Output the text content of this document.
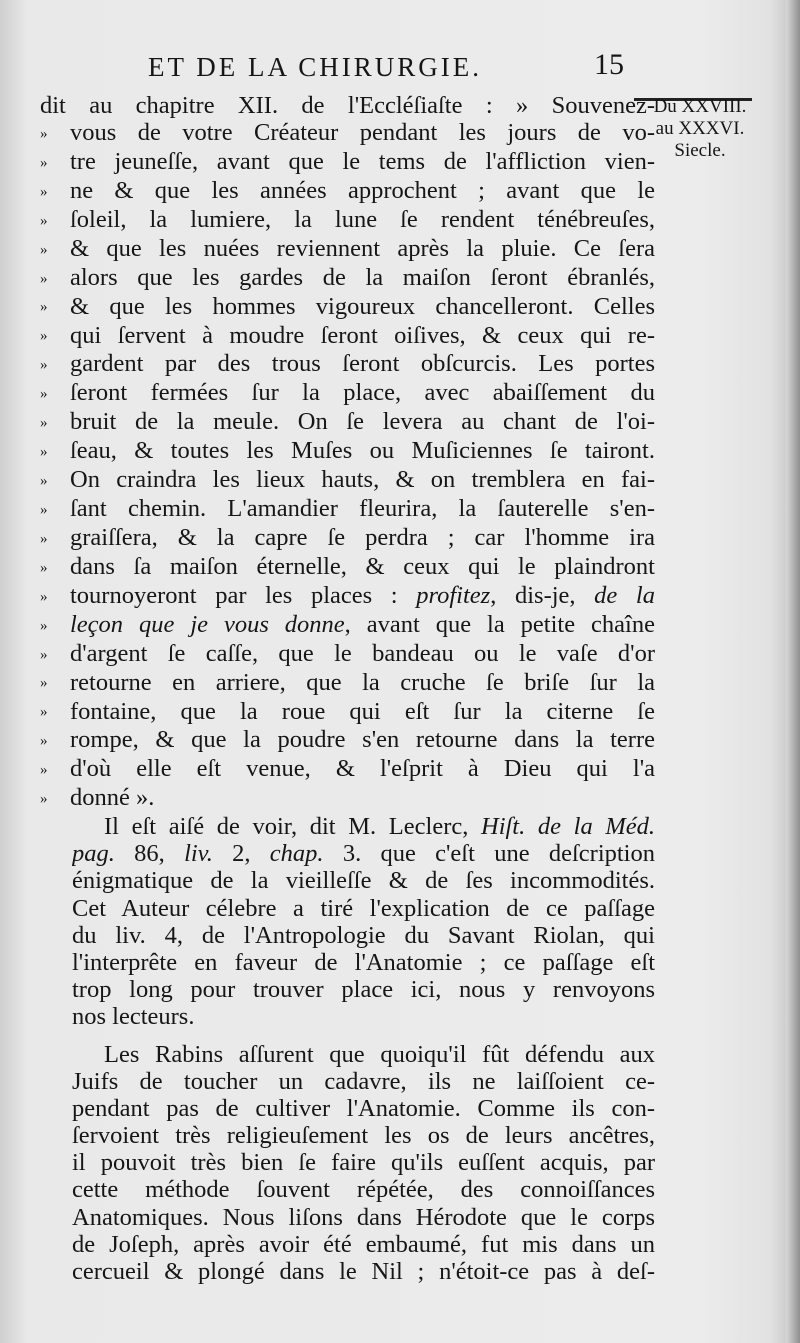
ET DE LA CHIRURGIE.	15
Du XXVIII.
au XXXVI.
Siecle.
dit au chapitre XII. de l'Eccléſiaſte : » Souvenez-
» vous de votre Créateur pendant les jours de vo-
» tre jeuneſſe, avant que le tems de l'affliction vien-
» ne & que les années approchent ; avant que le
» ſoleil, la lumiere, la lune ſe rendent ténébreuſes,
» & que les nuées reviennent après la pluie. Ce ſera
» alors que les gardes de la maiſon ſeront ébranlés,
» & que les hommes vigoureux chancelleront. Celles
» qui ſervent à moudre ſeront oiſives, & ceux qui re-
» gardent par des trous ſeront obſcurcis. Les portes
» ſeront fermées ſur la place, avec abaiſſement du
» bruit de la meule. On ſe levera au chant de l'oi-
» ſeau, & toutes les Muſes ou Muſiciennes ſe tairont.
» On craindra les lieux hauts, & on tremblera en fai-
» ſant chemin. L'amandier fleurira, la ſauterelle s'en-
» graiſſera, & la capre ſe perdra ; car l'homme ira
» dans ſa maiſon éternelle, & ceux qui le plaindront
» tournoyeront par les places : profitez, dis-je, de la
» leçon que je vous donne, avant que la petite chaîne
» d'argent ſe caſſe, que le bandeau ou le vaſe d'or
» retourne en arriere, que la cruche ſe briſe ſur la
» fontaine, que la roue qui eſt ſur la citerne ſe
» rompe, & que la poudre s'en retourne dans la terre
» d'où elle eſt venue, & l'eſprit à Dieu qui l'a
» donné ».
Il eſt aiſé de voir, dit M. Leclerc, Hiſt. de la Méd.
pag. 86, liv. 2, chap. 3. que c'eſt une deſcription
énigmatique de la vieilleſſe & de ſes incommodités.
Cet Auteur célebre a tiré l'explication de ce paſſage
du liv. 4, de l'Antropologie du Savant Riolan, qui
l'interprête en faveur de l'Anatomie ; ce paſſage eſt
trop long pour trouver place ici, nous y renvoyons
nos lecteurs.
Les Rabins aſſurent que quoiqu'il fût défendu aux
Juifs de toucher un cadavre, ils ne laiſſoient ce-
pendant pas de cultiver l'Anatomie. Comme ils con-
ſervoient très religieuſement les os de leurs ancêtres,
il pouvoit très bien ſe faire qu'ils euſſent acquis, par
cette méthode ſouvent répétée, des connoiſſances
Anatomiques. Nous liſons dans Hérodote que le corps
de Joſeph, après avoir été embaumé, fut mis dans un
cercueil & plongé dans le Nil ; n'étoit-ce pas à deſ-
